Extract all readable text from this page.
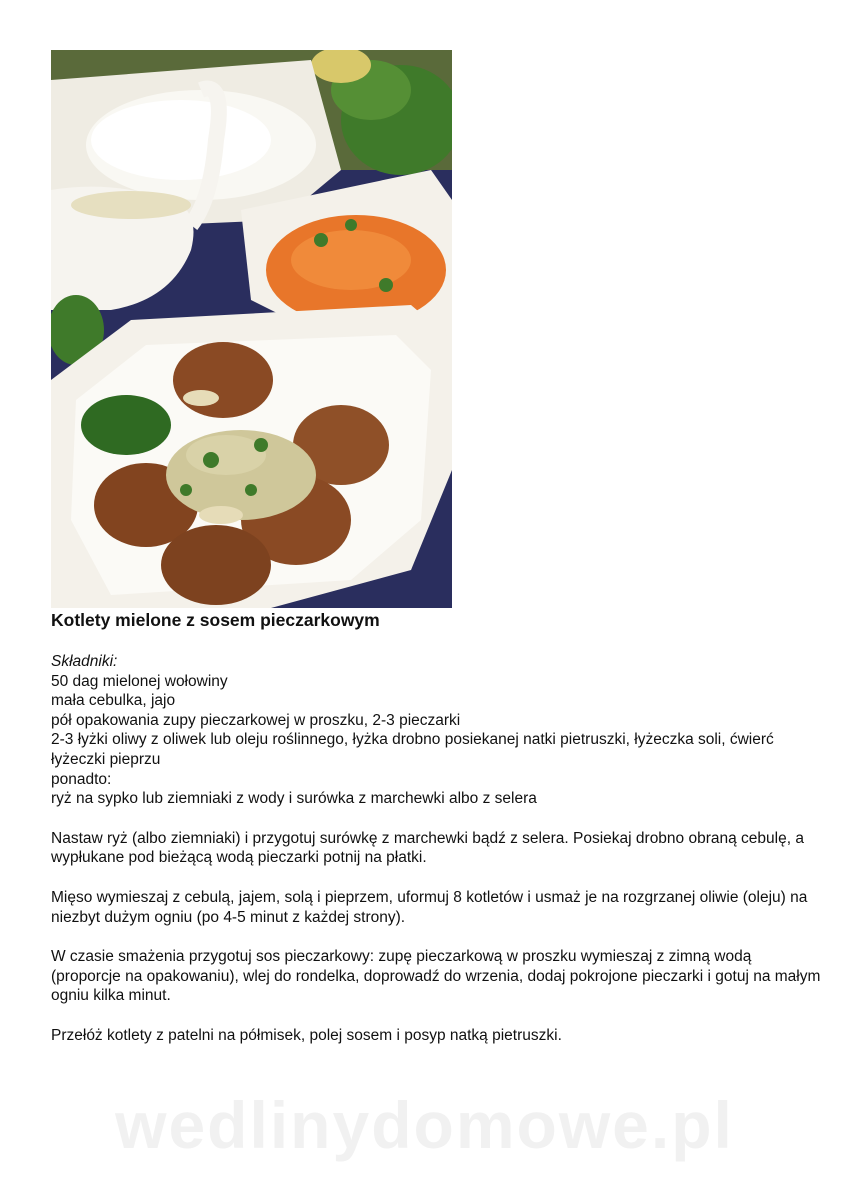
Kotlety mielone z sosem pieczarkowym

Składniki:

50 dag mielonej wołowiny

mała cebulka, jajo

pół opakowania zupy pieczarkowej w proszku, 2-3 pieczarki

2-3 łyżki oliwy z oliwek lub oleju roślinnego, łyżka drobno posiekanej natki pietruszki, łyżeczka soli, ćwierć łyżeczki pieprzu

ponadto:

ryż na sypko lub ziemniaki z wody i surówka z marchewki albo z selera

Nastaw ryż (albo ziemniaki) i przygotuj surówkę z marchewki bądź z selera. Posiekaj drobno obraną cebulę, a wypłukane pod bieżącą wodą pieczarki potnij na płatki.

Mięso wymieszaj z cebulą, jajem, solą i pieprzem, uformuj 8 kotletów i usmaż je na rozgrzanej oliwie (oleju) na niezbyt dużym ogniu (po 4-5 minut z każdej strony).

W czasie smażenia przygotuj sos pieczarkowy: zupę pieczarkową w proszku wymieszaj z zimną wodą (proporcje na opakowaniu), wlej do rondelka, doprowadź do wrzenia, dodaj pokrojone pieczarki i gotuj na małym ogniu kilka minut.

Przełóż kotlety z patelni na półmisek, polej sosem i posyp natką pietruszki.

wedlinydomowe.pl
